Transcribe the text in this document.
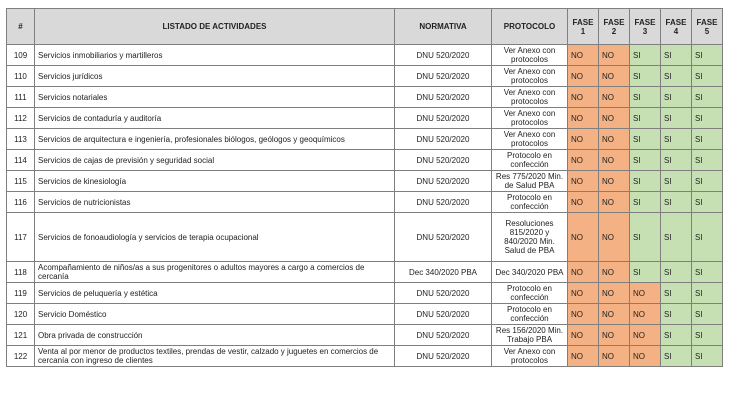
#	LISTADO DE ACTIVIDADES	NORMATIVA	PROTOCOLO	FASE 1	FASE 2	FASE 3	FASE 4	FASE 5
109	Servicios inmobiliarios y martilleros	DNU 520/2020	Ver Anexo con protocolos	NO	NO	SI	SI	SI
110	Servicios jurídicos	DNU 520/2020	Ver Anexo con protocolos	NO	NO	SI	SI	SI
111	Servicios notariales	DNU 520/2020	Ver Anexo con protocolos	NO	NO	SI	SI	SI
112	Servicios de contaduría y auditoría	DNU 520/2020	Ver Anexo con protocolos	NO	NO	SI	SI	SI
113	Servicios de arquitectura e ingeniería, profesionales biólogos, geólogos y geoquímicos	DNU 520/2020	Ver Anexo con protocolos	NO	NO	SI	SI	SI
114	Servicios de cajas de previsión y seguridad social	DNU 520/2020	Protocolo en confección	NO	NO	SI	SI	SI
115	Servicios de kinesiología	DNU 520/2020	Res 775/2020 Min. de Salud PBA	NO	NO	SI	SI	SI
116	Servicios de nutricionistas	DNU 520/2020	Protocolo en confección	NO	NO	SI	SI	SI
117	Servicios de fonoaudiología y servicios de terapia ocupacional	DNU 520/2020	Resoluciones 815/2020 y 840/2020 Min. Salud de PBA	NO	NO	SI	SI	SI
118	Acompañamiento de niños/as a sus progenitores o adultos mayores a cargo a comercios de cercanía	Dec 340/2020 PBA	Dec 340/2020 PBA	NO	NO	SI	SI	SI
119	Servicios de peluquería y estética	DNU 520/2020	Protocolo en confección	NO	NO	NO	SI	SI
120	Servicio Doméstico	DNU 520/2020	Protocolo en confección	NO	NO	NO	SI	SI
121	Obra privada de construcción	DNU 520/2020	Res 156/2020 Min. Trabajo PBA	NO	NO	NO	SI	SI
122	Venta al por menor de productos textiles, prendas de vestir, calzado y juguetes en comercios de cercanía con ingreso de clientes	DNU 520/2020	Ver Anexo con protocolos	NO	NO	NO	SI	SI
